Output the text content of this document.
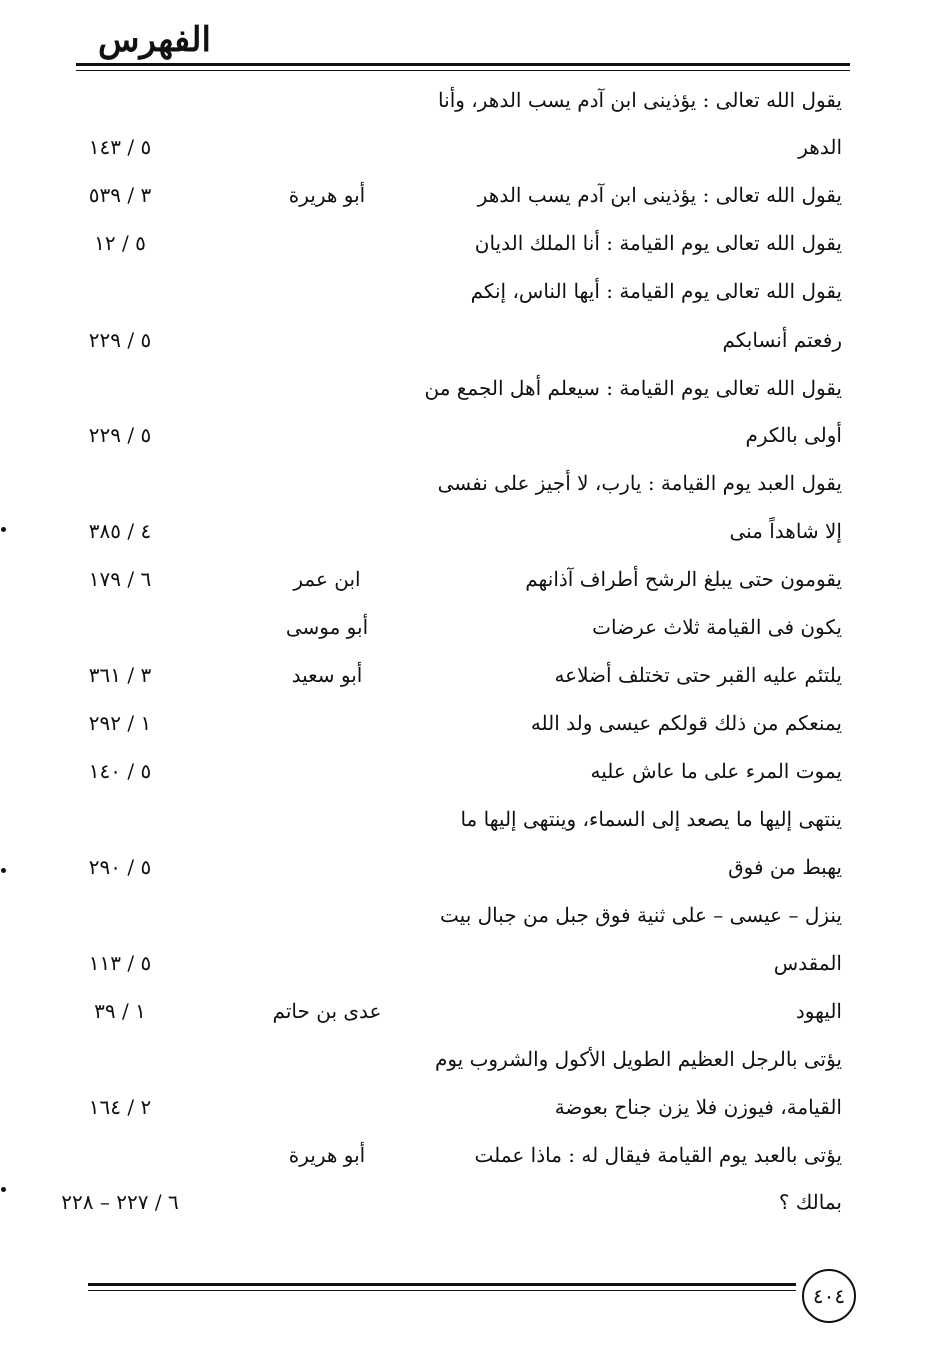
الفهرس
يقول الله تعالى : يؤذينى ابن آدم يسب الدهر، وأنا
الدهر
٥ / ١٤٣
يقول الله تعالى : يؤذينى ابن آدم يسب الدهر
أبو هريرة
٣ / ٥٣٩
يقول الله تعالى يوم القيامة : أنا الملك الديان
٥ / ١٢
يقول الله تعالى يوم القيامة : أيها الناس، إنكم
رفعتم أنسابكم
٥ / ٢٢٩
يقول الله تعالى يوم القيامة : سيعلم أهل الجمع من
أولى بالكرم
٥ / ٢٢٩
يقول العبد يوم القيامة : يارب، لا أجيز على نفسى
إلا شاهداً منى
٤ / ٣٨٥
يقومون حتى يبلغ الرشح أطراف آذانهم
ابن عمر
٦ / ١٧٩
يكون فى القيامة ثلاث عرضات
أبو موسى
يلتئم عليه القبر حتى تختلف أضلاعه
أبو سعيد
٣ / ٣٦١
يمنعكم من ذلك قولكم عيسى ولد الله
١ / ٢٩٢
يموت المرء على ما عاش عليه
٥ / ١٤٠
ينتهى إليها ما يصعد إلى السماء، وينتهى إليها ما
يهبط من فوق
٥ / ٢٩٠
ينزل – عيسى – على ثنية فوق جبل من جبال بيت
المقدس
٥ / ١١٣
اليهود
عدى بن حاتم
١ / ٣٩
يؤتى بالرجل العظيم الطويل الأكول والشروب يوم
القيامة، فيوزن فلا يزن جناح بعوضة
٢ / ١٦٤
يؤتى بالعبد يوم القيامة فيقال له : ماذا عملت
أبو هريرة
بمالك ؟
٦ / ٢٢٧ – ٢٢٨
٤٠٤
